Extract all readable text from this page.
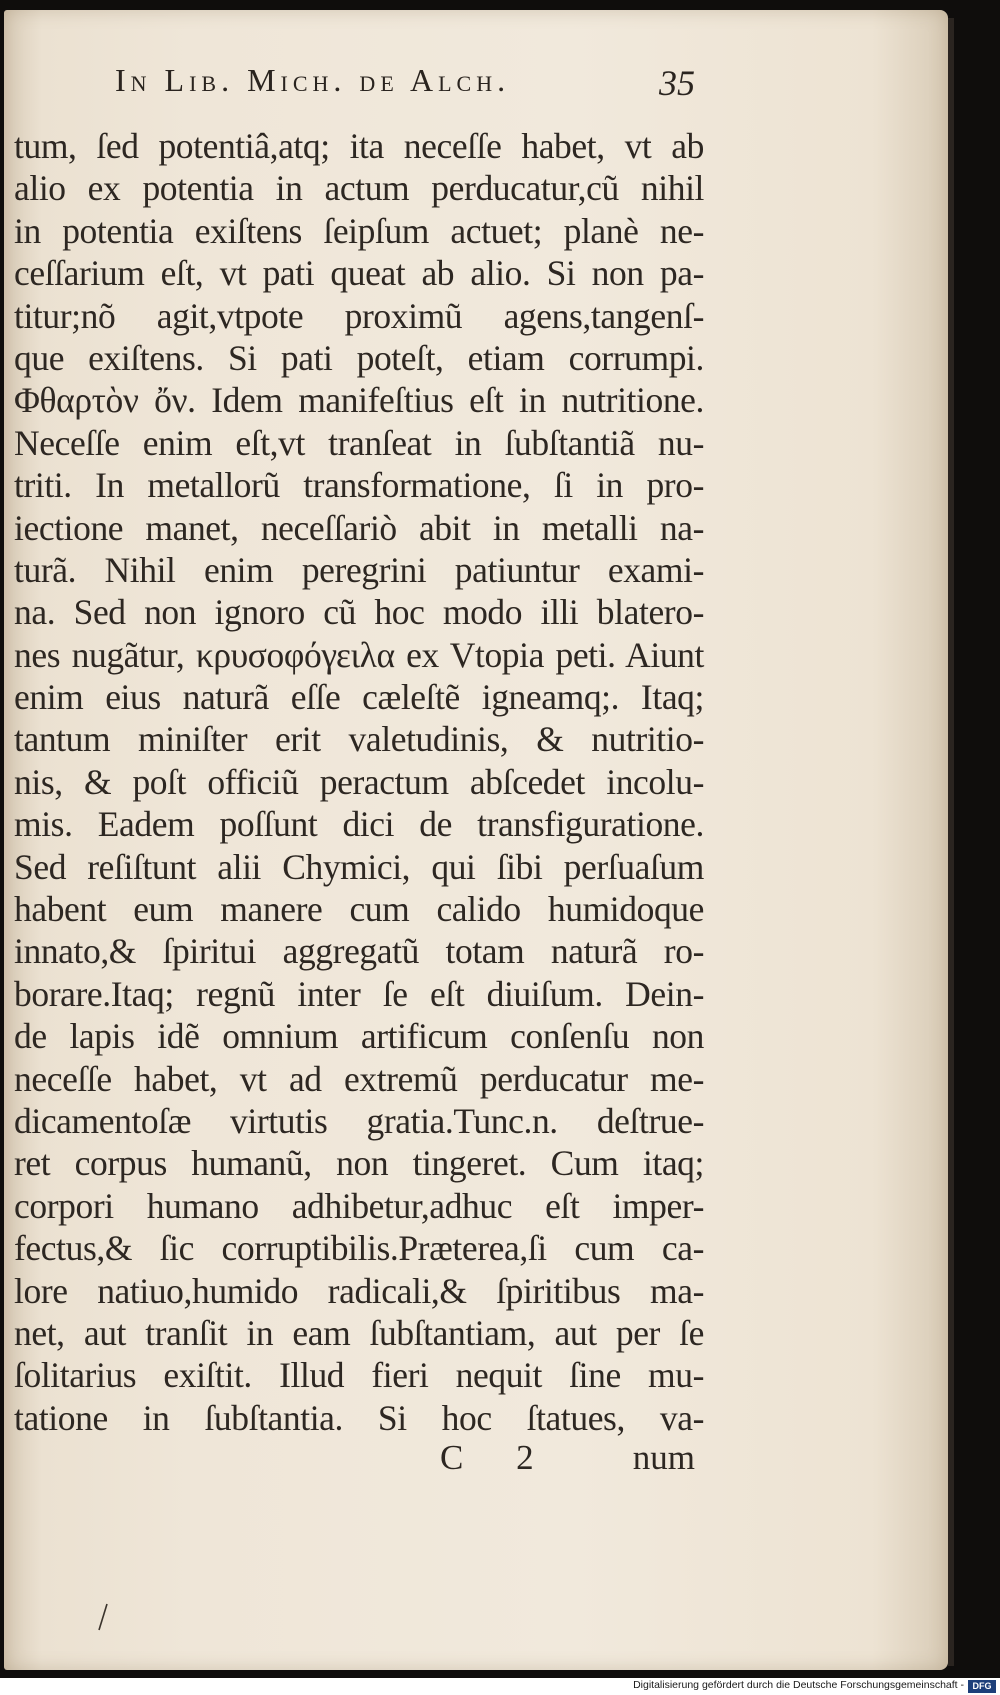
In Lib. Mich. de Alch.	35
tum, ſed potentiâ,atq; ita neceſſe habet, vt ab
alio ex potentia in actum perducatur,cũ nihil
in potentia exiſtens ſeipſum actuet; planè ne-
ceſſarium eſt, vt pati queat ab alio. Si non pa-
titur;nõ agit,vtpote proximũ agens,tangenſ-
que exiſtens. Si pati poteſt, etiam corrumpi.
Φθαρτὸν ὄν. Idem manifeſtius eſt in nutritione.
Neceſſe enim eſt,vt tranſeat in ſubſtantiã nu-
triti. In metallorũ transformatione, ſi in pro-
iectione manet, neceſſariò abit in metalli na-
turã. Nihil enim peregrini patiuntur exami-
na. Sed non ignoro cũ hoc modo illi blatero-
nes nugãtur, κρυσοφόγειλα ex Vtopia peti. Aiunt
enim eius naturã eſſe cæleſtẽ igneamq;. Itaq;
tantum miniſter erit valetudinis, & nutritio-
nis, & poſt officiũ peractum abſcedet incolu-
mis. Eadem poſſunt dici de transfiguratione.
Sed reſiſtunt alii Chymici, qui ſibi perſuaſum
habent eum manere cum calido humidoque
innato,& ſpiritui aggregatũ totam naturã ro-
borare.Itaq; regnũ inter ſe eſt diuiſum. Dein-
de lapis idẽ omnium artificum conſenſu non
neceſſe habet, vt ad extremũ perducatur me-
dicamentoſæ virtutis gratia.Tunc.n. deſtrue-
ret corpus humanũ, non tingeret. Cum itaq;
corpori humano adhibetur,adhuc eſt imper-
fectus,& ſic corruptibilis.Præterea,ſi cum ca-
lore natiuo,humido radicali,& ſpiritibus ma-
net, aut tranſit in eam ſubſtantiam, aut per ſe
ſolitarius exiſtit. Illud fieri nequit ſine mu-
tatione in ſubſtantia. Si hoc ſtatues, va-
C 2 num
Digitalisierung gefördert durch die Deutsche Forschungsgemeinschaft - DFG
